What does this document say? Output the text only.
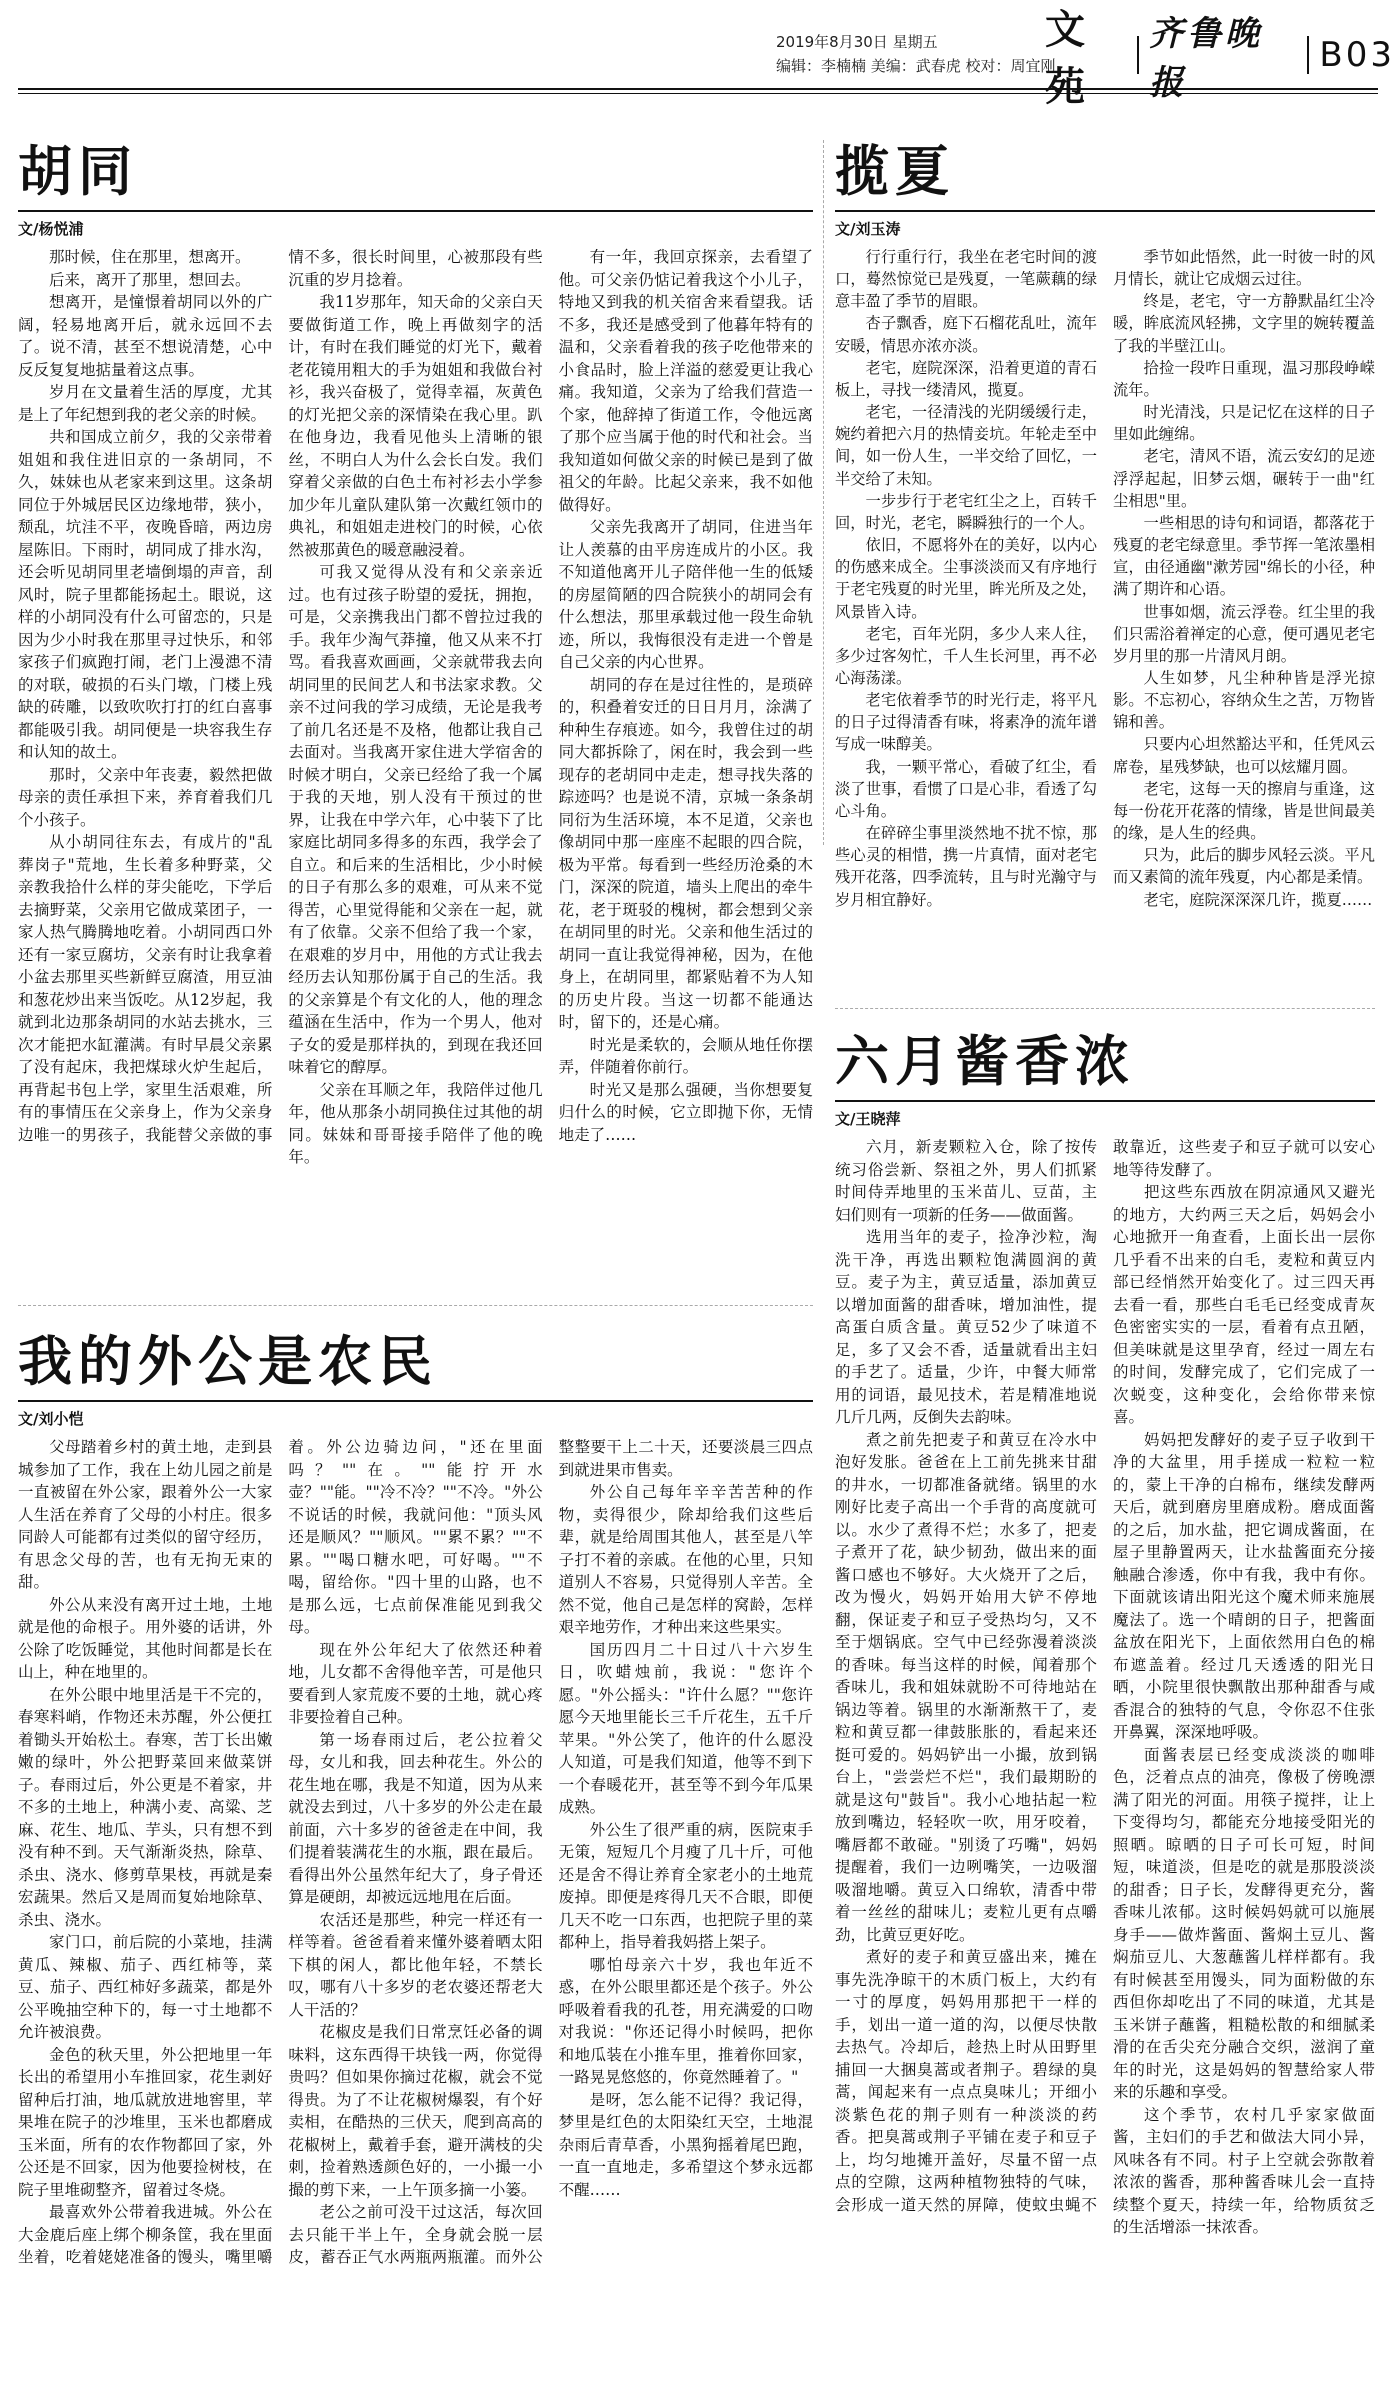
2019年8月30日 星期五
编辑：李楠楠 美编：武春虎 校对：周宜刚
文苑
齐鲁晚报
B03
胡同
文/杨悦浦

那时候，住在那里，想离开。

后来，离开了那里，想回去。

想离开，是憧憬着胡同以外的广阔，轻易地离开后，就永远回不去了。说不清，甚至不想说清楚，心中反反复复地掂量着这点事。

岁月在文量着生活的厚度，尤其是上了年纪想到我的老父亲的时候。

共和国成立前夕，我的父亲带着姐姐和我住进旧京的一条胡同，不久，妹妹也从老家来到这里。这条胡同位于外城居民区边缘地带，狭小，颓乱，坑洼不平，夜晚昏暗，两边房屋陈旧。下雨时，胡同成了排水沟，还会听见胡同里老墙倒塌的声音，刮风时，院子里都能扬起土。眼说，这样的小胡同没有什么可留恋的，只是因为少小时我在那里寻过快乐，和邻家孩子们疯跑打闹，老门上漫漶不清的对联，破损的石头门墩，门楼上残缺的砖雕，以致吹吹打打的红白喜事都能吸引我。胡同便是一块容我生存和认知的故土。

那时，父亲中年丧妻，毅然把做母亲的责任承担下来，养育着我们几个小孩子。

从小胡同往东去，有成片的"乱葬岗子"荒地，生长着多种野菜，父亲教我拾什么样的芽尖能吃，下学后去摘野菜，父亲用它做成菜团子，一家人热气腾腾地吃着。小胡同西口外还有一家豆腐坊，父亲有时让我拿着小盆去那里买些新鲜豆腐渣，用豆油和葱花炒出来当饭吃。从12岁起，我就到北边那条胡同的水站去挑水，三次才能把水缸灌满。有时早晨父亲累了没有起床，我把煤球火炉生起后，再背起书包上学，家里生活艰难，所有的事情压在父亲身上，作为父亲身边唯一的男孩子，我能替父亲做的事情不多，很长时间里，心被那段有些沉重的岁月捻着。

我11岁那年，知天命的父亲白天要做街道工作，晚上再做刻字的活计，有时在我们睡觉的灯光下，戴着老花镜用粗大的手为姐姐和我做台衬衫，我兴奋极了，觉得幸福，灰黄色的灯光把父亲的深情染在我心里。趴在他身边，我看见他头上清晰的银丝，不明白人为什么会长白发。我们穿着父亲做的白色土布衬衫去小学参加少年儿童队建队第一次戴红领巾的典礼，和姐姐走进校门的时候，心依然被那黄色的暖意融浸着。

可我又觉得从没有和父亲亲近过。也有过孩子盼望的爱抚，拥抱，可是，父亲携我出门都不曾拉过我的手。我年少淘气莽撞，他又从来不打骂。看我喜欢画画，父亲就带我去向胡同里的民间艺人和书法家求教。父亲不过问我的学习成绩，无论是我考了前几名还是不及格，他都让我自己去面对。当我离开家住进大学宿舍的时候才明白，父亲已经给了我一个属于我的天地，别人没有干预过的世界，让我在中学六年，心中装下了比家庭比胡同多得多的东西，我学会了自立。和后来的生活相比，少小时候的日子有那么多的艰难，可从来不觉得苦，心里觉得能和父亲在一起，就有了依靠。父亲不但给了我一个家，在艰难的岁月中，用他的方式让我去经历去认知那份属于自己的生活。我的父亲算是个有文化的人，他的理念蕴涵在生活中，作为一个男人，他对子女的爱是那样执的，到现在我还回味着它的醇厚。

父亲在耳顺之年，我陪伴过他几年，他从那条小胡同换住过其他的胡同。妹妹和哥哥接手陪伴了他的晚年。

有一年，我回京探亲，去看望了他。可父亲仍惦记着我这个小儿子，特地又到我的机关宿舍来看望我。话不多，我还是感受到了他暮年特有的温和，父亲看着我的孩子吃他带来的小食品时，脸上洋溢的慈爱更让我心痛。我知道，父亲为了给我们营造一个家，他辞掉了街道工作，令他远离了那个应当属于他的时代和社会。当我知道如何做父亲的时候已是到了做祖父的年龄。比起父亲来，我不如他做得好。

父亲先我离开了胡同，住进当年让人羡慕的由平房连成片的小区。我不知道他离开儿子陪伴他一生的低矮的房屋简陋的四合院狭小的胡同会有什么想法，那里承载过他一段生命轨迹，所以，我悔很没有走进一个曾是自己父亲的内心世界。

胡同的存在是过往性的，是琐碎的，积叠着安迁的日日月月，涂满了种种生存痕迹。如今，我曾住过的胡同大都拆除了，闲在时，我会到一些现存的老胡同中走走，想寻找失落的踪迹吗？也是说不清，京城一条条胡同衍为生活环境，本不足道，父亲也像胡同中那一座座不起眼的四合院，极为平常。每看到一些经历沧桑的木门，深深的院道，墙头上爬出的牵牛花，老于斑驳的槐树，都会想到父亲在胡同里的时光。父亲和他生活过的胡同一直让我觉得神秘，因为，在他身上，在胡同里，都紧贴着不为人知的历史片段。当这一切都不能通达时，留下的，还是心痛。

时光是柔软的，会顺从地任你摆弄，伴随着你前行。

时光又是那么强硬，当你想要复归什么的时候，它立即抛下你，无情地走了……

我的外公是农民
文/刘小恺

父母踏着乡村的黄土地，走到县城参加了工作，我在上幼儿园之前是一直被留在外公家，跟着外公一大家人生活在养育了父母的小村庄。很多同龄人可能都有过类似的留守经历，有思念父母的苦，也有无拘无束的甜。

外公从来没有离开过土地，土地就是他的命根子。用外婆的话讲，外公除了吃饭睡觉，其他时间都是长在山上，种在地里的。

在外公眼中地里活是干不完的，春寒料峭，作物还未苏醒，外公便扛着锄头开始松土。春寒，苦丁长出嫩嫩的绿叶，外公把野菜回来做菜饼子。春雨过后，外公更是不着家，井不多的土地上，种满小麦、高粱、芝麻、花生、地瓜、芋头，只有想不到没有种不到。天气渐渐炎热，除草、杀虫、浇水、修剪草果枝，再就是秦宏蔬果。然后又是周而复始地除草、杀虫、浇水。

家门口，前后院的小菜地，挂满黄瓜、辣椒、茄子、西红柿等，菜豆、茄子、西红柿好多蔬菜，都是外公平晚抽空种下的，每一寸土地都不允许被浪费。

金色的秋天里，外公把地里一年长出的希望用小车推回家，花生剥好留种后打油，地瓜就放进地窖里，苹果堆在院子的沙堆里，玉米也都磨成玉米面，所有的农作物都回了家，外公还是不回家，因为他要捡树枝，在院子里堆砌整齐，留着过冬烧。

最喜欢外公带着我进城。外公在大金鹿后座上绑个柳条筐，我在里面坐着，吃着姥姥准备的馒头，嘴里嚼着。外公边骑边问，"还在里面吗？""在。""能拧开水壶？""能。""冷不冷？""不冷。"外公不说话的时候，我就问他："顶头风还是顺风？""顺风。""累不累？""不累。""喝口糖水吧，可好喝。""不喝，留给你。"四十里的山路，也不是那么远，七点前保准能见到我父母。

现在外公年纪大了依然还种着地，儿女都不舍得他辛苦，可是他只要看到人家荒废不要的土地，就心疼非要捡着自己种。

第一场春雨过后，老公拉着父母，女儿和我，回去种花生。外公的花生地在哪，我是不知道，因为从来就没去到过，八十多岁的外公走在最前面，六十多岁的爸爸走在中间，我们提着装满花生的水瓶，跟在最后。看得出外公虽然年纪大了，身子骨还算是硬朗，却被远远地甩在后面。

农活还是那些，种完一样还有一样等着。爸爸看着来懂外婆着晒太阳下棋的闲人，都比他年轻，不禁长叹，哪有八十多岁的老农婆还帮老大人干活的？

花椒皮是我们日常烹饪必备的调味料，这东西得干块钱一两，你觉得贵吗？但如果你摘过花椒，就会不觉得贵。为了不让花椒树爆裂，有个好卖相，在酷热的三伏天，爬到高高的花椒树上，戴着手套，避开满枝的尖刺，捡着熟透颜色好的，一小撮一小撮的剪下来，一上午顶多摘一小篓。

老公之前可没干过这活，每次回去只能干半上午，全身就会脱一层皮，蓄吞正气水两瓶两瓶灌。而外公整整要干上二十天，还要淡晨三四点到就进果市售卖。

外公自己每年辛辛苦苦种的作物，卖得很少，除却给我们这些后辈，就是给周围其他人，甚至是八竿子打不着的亲戚。在他的心里，只知道别人不容易，只觉得别人辛苦。全然不觉，他自己是怎样的窝龄，怎样艰辛地劳作，才种出来这些果实。

国历四月二十日过八十六岁生日，吹蜡烛前，我说："您许个愿。"外公摇头："许什么愿？""您许愿今天地里能长三千斤花生，五千斤苹果。"外公笑了，他许的什么愿没人知道，可是我们知道，他等不到下一个春暖花开，甚至等不到今年瓜果成熟。

外公生了很严重的病，医院束手无策，短短几个月瘦了几十斤，可他还是舍不得让养育全家老小的土地荒废掉。即便是疼得几天不合眼，即便几天不吃一口东西，也把院子里的菜都种上，指导着我妈搭上架子。

哪怕母亲六十岁，我也年近不惑，在外公眼里都还是个孩子。外公呼吸着看我的孔苍，用充满爱的口吻对我说："你还记得小时候吗，把你和地瓜装在小推车里，推着你回家，一路晃晃悠悠的，你竟然睡着了。"

是呀，怎么能不记得？我记得，梦里是红色的太阳染红天空，土地混杂雨后青草香，小黑狗摇着尾巴跑，一直一直地走，多希望这个梦永远都不醒……

揽夏
文/刘玉涛

行行重行行，我坐在老宅时间的渡口，蓦然惊觉已是残夏，一笔蕨藕的绿意丰盈了季节的眉眼。

杏子飘香，庭下石榴花乱吐，流年安暖，情思亦浓亦淡。

老宅，庭院深深，沿着更道的青石板上，寻找一缕清风，揽夏。

老宅，一径清浅的光阴缓缓行走，婉约着把六月的热情妾坑。年轮走至中间，如一份人生，一半交给了回忆，一半交给了未知。

一步步行于老宅红尘之上，百转千回，时光，老宅，瞬瞬独行的一个人。

依旧，不愿将外在的美好，以内心的伤感来成全。尘事淡淡而又有序地行于老宅残夏的时光里，眸光所及之处，风景皆入诗。

老宅，百年光阴，多少人来人往，多少过客匆忙，千人生长河里，再不必心海荡漾。

老宅依着季节的时光行走，将平凡的日子过得清香有味，将素净的流年谱写成一味醇美。

我，一颗平常心，看破了红尘，看淡了世事，看惯了口是心非，看透了勾心斗角。

在碎碎尘事里淡然地不扰不惊，那些心灵的相惜，携一片真情，面对老宅残开花落，四季流转，且与时光瀚守与岁月相宜静好。

季节如此悟然，此一时彼一时的风月情长，就让它成烟云过往。

终是，老宅，守一方静默晶红尘冷暖，眸底流风轻拂，文字里的婉转覆盖了我的半壁江山。

拾捡一段咋日重现，温习那段峥嵘流年。

时光清浅，只是记忆在这样的日子里如此缠绵。

老宅，清风不语，流云安幻的足迹浮浮起起，旧梦云烟，碾转于一曲"红尘相思"里。

一些相思的诗句和词语，都落花于残夏的老宅绿意里。季节挥一笔浓墨相宣，由径通幽"漱芳园"绵长的小径，种满了期许和心语。

世事如烟，流云浮卷。红尘里的我们只需浴着禅定的心意，便可遇见老宅岁月里的那一片清风月朗。

人生如梦，凡尘种种皆是浮光掠影。不忘初心，容纳众生之苦，万物皆锦和善。

只要内心坦然豁达平和，任凭风云席卷，星残梦缺，也可以炫耀月圆。

老宅，这每一天的擦肩与重逢，这每一份花开花落的情缘，皆是世间最美的缘，是人生的经典。

只为，此后的脚步风轻云淡。平凡而又素简的流年残夏，内心都是柔情。

老宅，庭院深深深几许，揽夏……

六月酱香浓
文/王晓萍

六月，新麦颗粒入仓，除了按传统习俗尝新、祭祖之外，男人们抓紧时间侍弄地里的玉米苗儿、豆苗，主妇们则有一项新的任务——做面酱。

选用当年的麦子，捡净沙粒，淘洗干净，再选出颗粒饱满圆润的黄豆。麦子为主，黄豆适量，添加黄豆以增加面酱的甜香味，增加油性，提高蛋白质含量。黄豆52少了味道不足，多了又会不香，适量就看出主妇的手艺了。适量，少许，中餐大师常用的词语，最见技术，若是精准地说几斤几两，反倒失去韵味。

煮之前先把麦子和黄豆在冷水中泡好发胀。爸爸在上工前先挑来甘甜的井水，一切都准备就绪。锅里的水刚好比麦子高出一个手背的高度就可以。水少了煮得不烂；水多了，把麦子煮开了花，缺少韧劲，做出来的面酱口感也不够好。大火烧开了之后，改为慢火，妈妈开始用大铲不停地翻，保证麦子和豆子受热均匀，又不至于烟锅底。空气中已经弥漫着淡淡的香味。每当这样的时候，闻着那个香味儿，我和姐妹就盼不可待地站在锅边等着。锅里的水渐渐熬干了，麦粒和黄豆都一律鼓胀胀的，看起来还挺可爱的。妈妈铲出一小撮，放到锅台上，"尝尝烂不烂"，我们最期盼的就是这句"鼓旨"。我小心地拈起一粒放到嘴边，轻轻吹一吹，用牙咬着，嘴唇都不敢碰。"别烫了巧嘴"，妈妈提醒着，我们一边咧嘴笑，一边吸溜吸溜地嚼。黄豆入口绵软，清香中带着一丝丝的甜味儿；麦粒儿更有点嚼劲，比黄豆更好吃。

煮好的麦子和黄豆盛出来，摊在事先洗净晾干的木质门板上，大约有一寸的厚度，妈妈用那把干一样的手，划出一道一道的沟，以便尽快散去热气。冷却后，趁热上时从田野里捕回一大捆臭蒿或者荆子。碧绿的臭蒿，闻起来有一点点臭味儿；开细小淡紫色花的荆子则有一种淡淡的药香。把臭蒿或荆子平铺在麦子和豆子上，均匀地摊开盖好，尽量不留一点点的空隙，这两种植物独特的气味，会形成一道天然的屏障，使蚊虫蝇不敢靠近，这些麦子和豆子就可以安心地等待发酵了。

把这些东西放在阴凉通风又避光的地方，大约两三天之后，妈妈会小心地掀开一角查看，上面长出一层你几乎看不出来的白毛，麦粒和黄豆内部已经悄然开始变化了。过三四天再去看一看，那些白毛毛已经变成青灰色密密实实的一层，看着有点丑陋，但美味就是这里孕育，经过一周左右的时间，发酵完成了，它们完成了一次蜕变，这种变化，会给你带来惊喜。

妈妈把发酵好的麦子豆子收到干净的大盆里，用手搓成一粒粒一粒的，蒙上干净的白棉布，继续发酵两天后，就到磨房里磨成粉。磨成面酱的之后，加水盐，把它调成酱面，在屋子里静置两天，让水盐酱面充分接触融合渗透，你中有我，我中有你。下面就该请出阳光这个魔术师来施展魔法了。选一个晴朗的日子，把酱面盆放在阳光下，上面依然用白色的棉布遮盖着。经过几天透透的阳光日晒，小院里很快飘散出那种甜香与咸香混合的独特的气息，令你忍不住张开鼻翼，深深地呼吸。

面酱表层已经变成淡淡的咖啡色，泛着点点的油亮，像极了傍晚漂满了阳光的河面。用筷子搅拌，让上下变得均匀，都能充分地接受阳光的照晒。晾晒的日子可长可短，时间短，味道淡，但是吃的就是那股淡淡的甜香；日子长，发酵得更充分，酱香味儿浓郁。这时候妈妈就可以施展身手——做炸酱面、酱焖土豆儿、酱焖茄豆儿、大葱蘸酱儿样样都有。我有时候甚至用馒头，同为面粉做的东西但你却吃出了不同的味道，尤其是玉米饼子蘸酱，粗糙松散的和细腻柔滑的在舌尖充分融合交织，滋润了童年的时光，这是妈妈的智慧给家人带来的乐趣和享受。

这个季节，农村几乎家家做面酱，主妇们的手艺和做法大同小异，风味各有不同。村子上空就会弥散着浓浓的酱香，那种酱香味儿会一直持续整个夏天，持续一年，给物质贫乏的生活增添一抹浓香。
